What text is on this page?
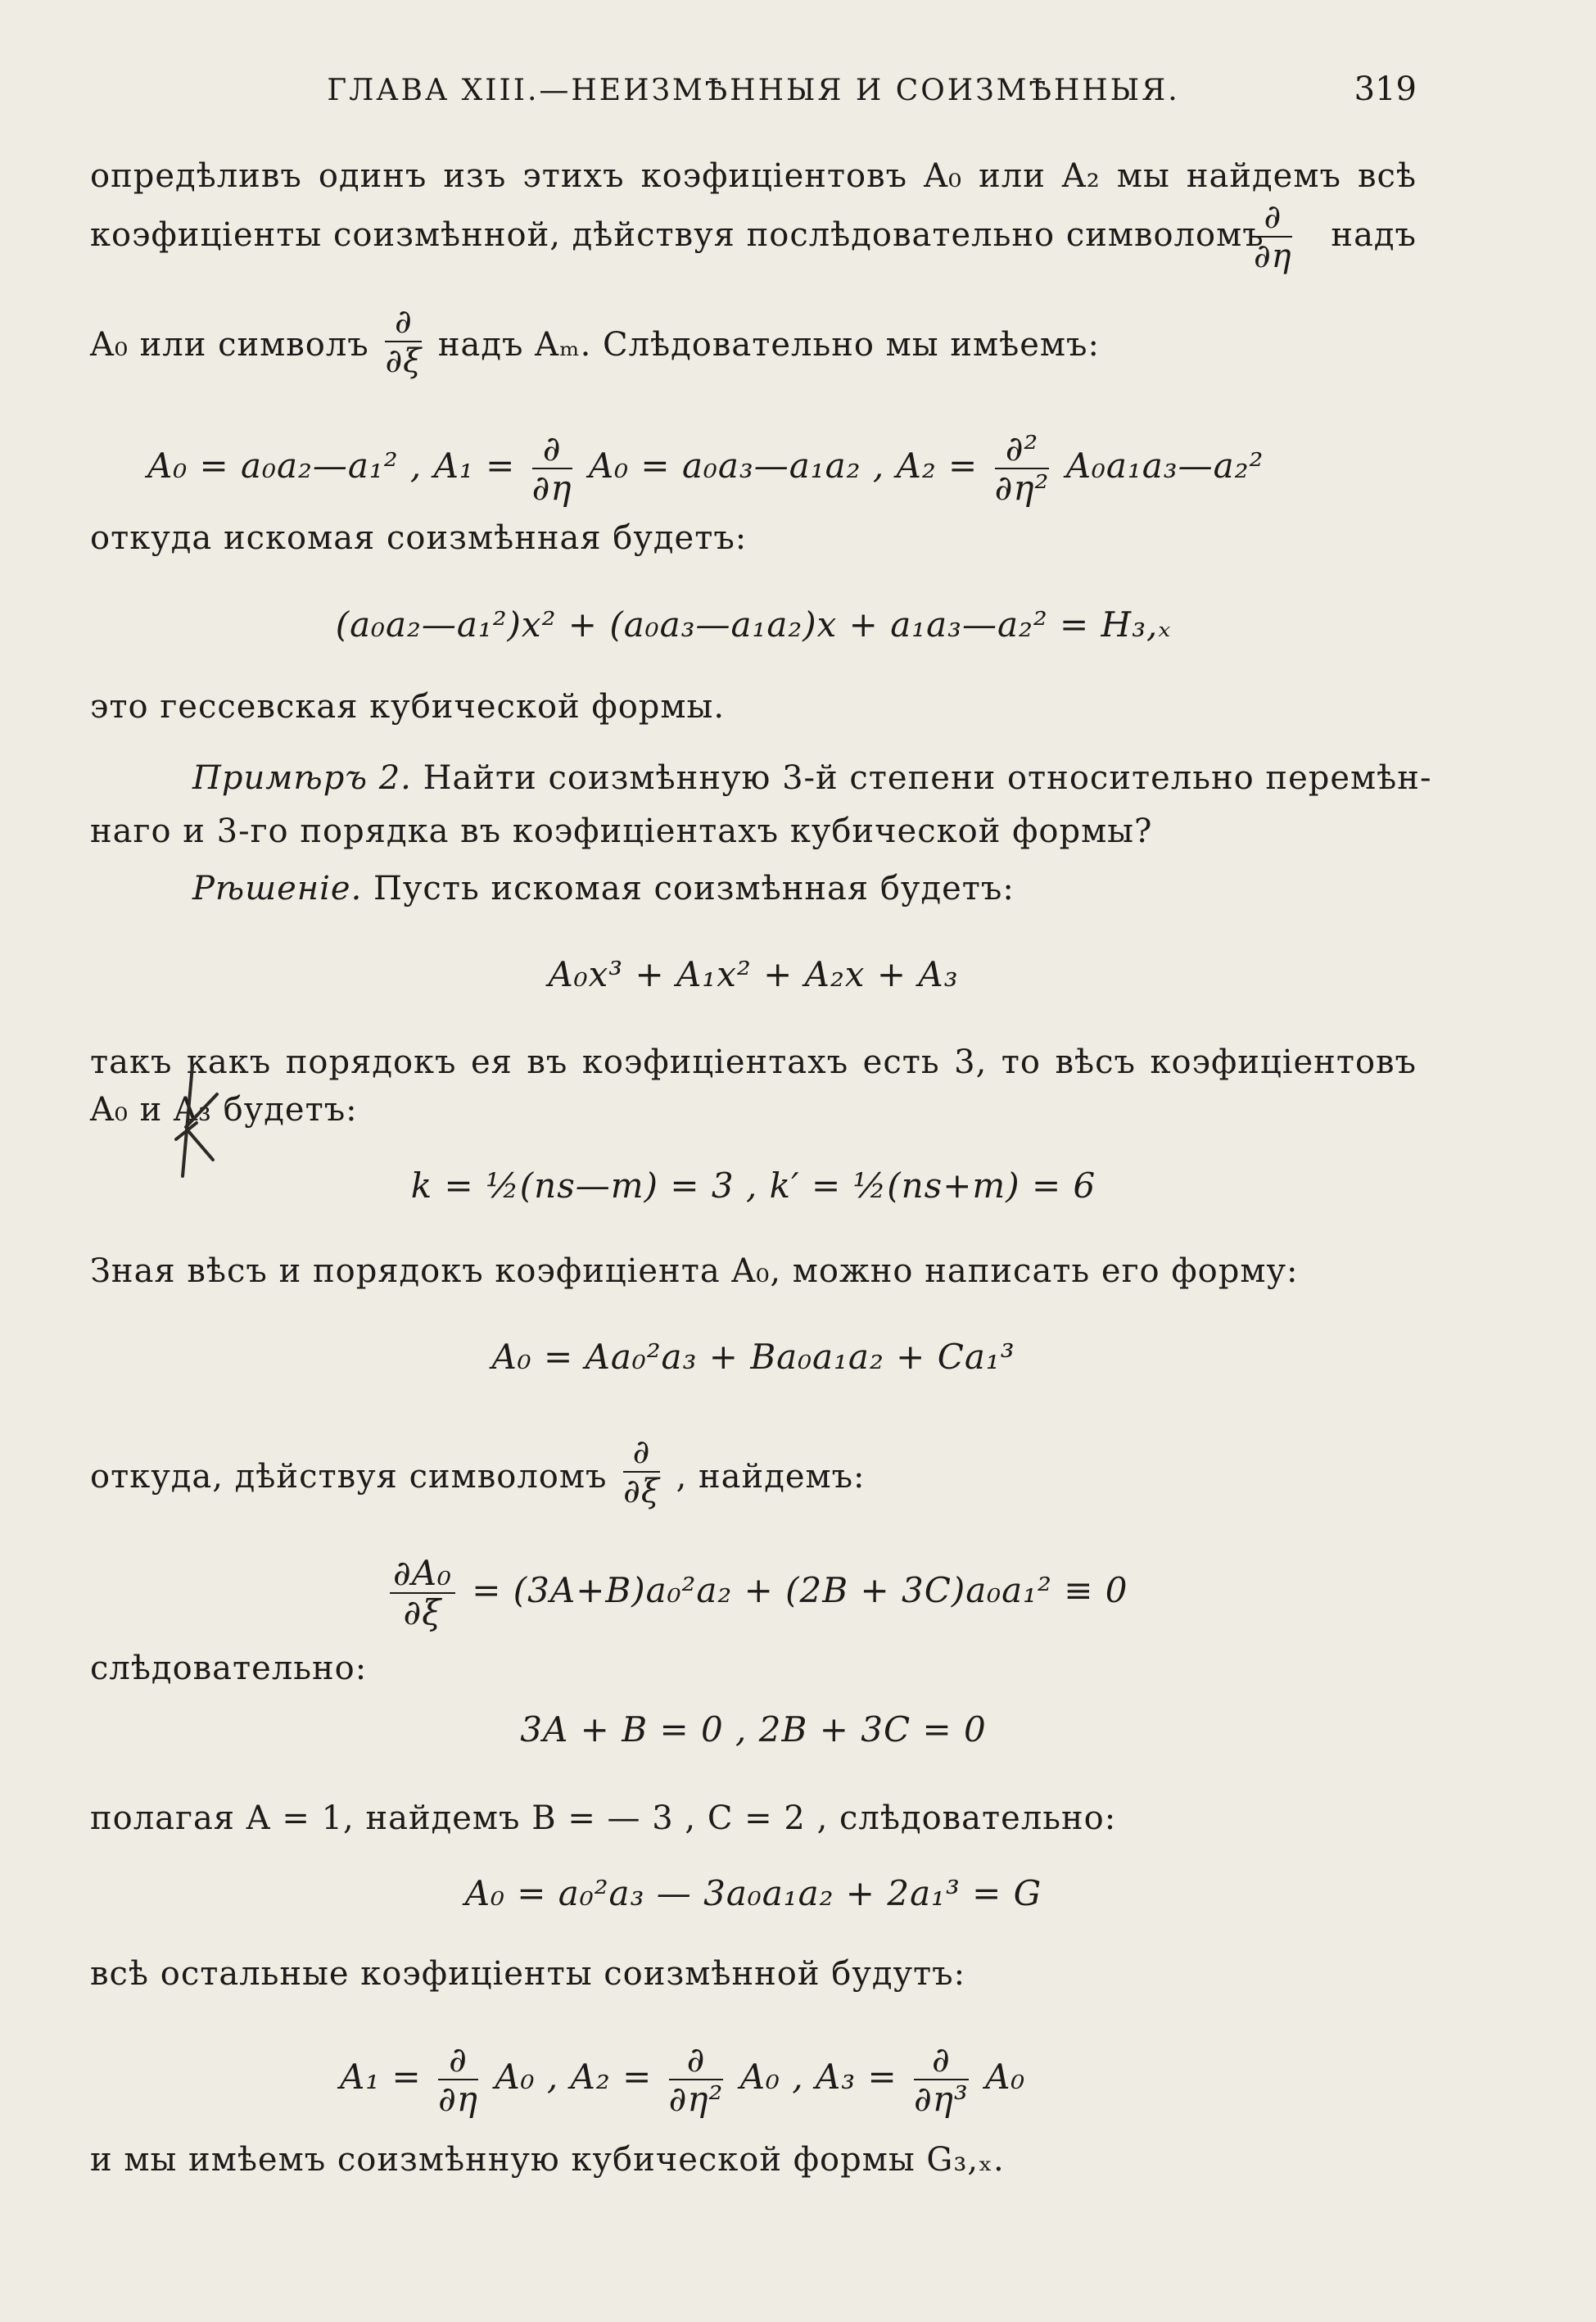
ГЛАВА XIII.—НЕИЗМѢННЫЯ И СОИЗМѢННЫЯ.	319
опредѣливъ одинъ изъ этихъ коэфиціентовъ A₀ или A₂ мы найдемъ всѣ
коэфиціенты соизмѣнной, дѣйствуя послѣдовательно символомъ ∂
∂η
надъ
A₀ или символъ $\frac{\partial}{\partial\xi}$ надъ Aₘ. Слѣдовательно мы имѣемъ:
A₀ = a₀a₂—a₁² , $A_1 = \frac{\partial}{\partial\eta} A_0$ = a₀a₃—a₁a₂ , $A_2 = \frac{\text{∂²}}{\text{∂η²}}$ A₀a₁a₃—a₂²
откуда искомая соизмѣнная будетъ:
(a₀a₂—a₁²)x² + (a₀a₃—a₁a₂)x + a₁a₃—a₂² = H₃,ₓ
это гессевская кубической формы.
Примѣръ 2. Найти соизмѣнную 3-й степени относительно перемѣн-
наго и 3-го порядка въ коэфиціентахъ кубической формы?
Рѣшеніе. Пусть искомая соизмѣнная будетъ:
A₀x³ + A₁x² + A₂x + A₃
такъ какъ порядокъ ея въ коэфиціентахъ есть 3, то вѣсъ коэфиціентовъ
A₀ и A₃ будетъ:
k = ½(ns—m) = 3 , k′ = ½(ns+m) = 6
Зная вѣсъ и порядокъ коэфиціента A₀, можно написать его форму:
A₀ = Aa₀²a₃ + Ba₀a₁a₂ + Ca₁³
откуда, дѣйствуя символомъ $\frac{\partial}{\partial\xi}$ , найдемъ:
$\frac{\text{∂A₀}}{\partial\xi} = (3A+B)a_0^2a_2 + (2B + 3C)a_0a_1^2 \equiv 0$
слѣдовательно:
3A + B = 0 , 2B + 3C = 0
полагая A = 1, найдемъ B = — 3 , C = 2 , слѣдовательно:
A₀ = a₀²a₃ — 3a₀a₁a₂ + 2a₁³ = G
всѣ остальные коэфиціенты соизмѣнной будутъ:
$A_1 = \frac{\partial}{\partial\eta} A_0$ , $A_2 = \frac{\partial}{\text{∂η²}} A_0$ , $A_3 = \frac{\partial}{\text{∂η³}} A_0$
и мы имѣемъ соизмѣнную кубической формы G₃,ₓ.
